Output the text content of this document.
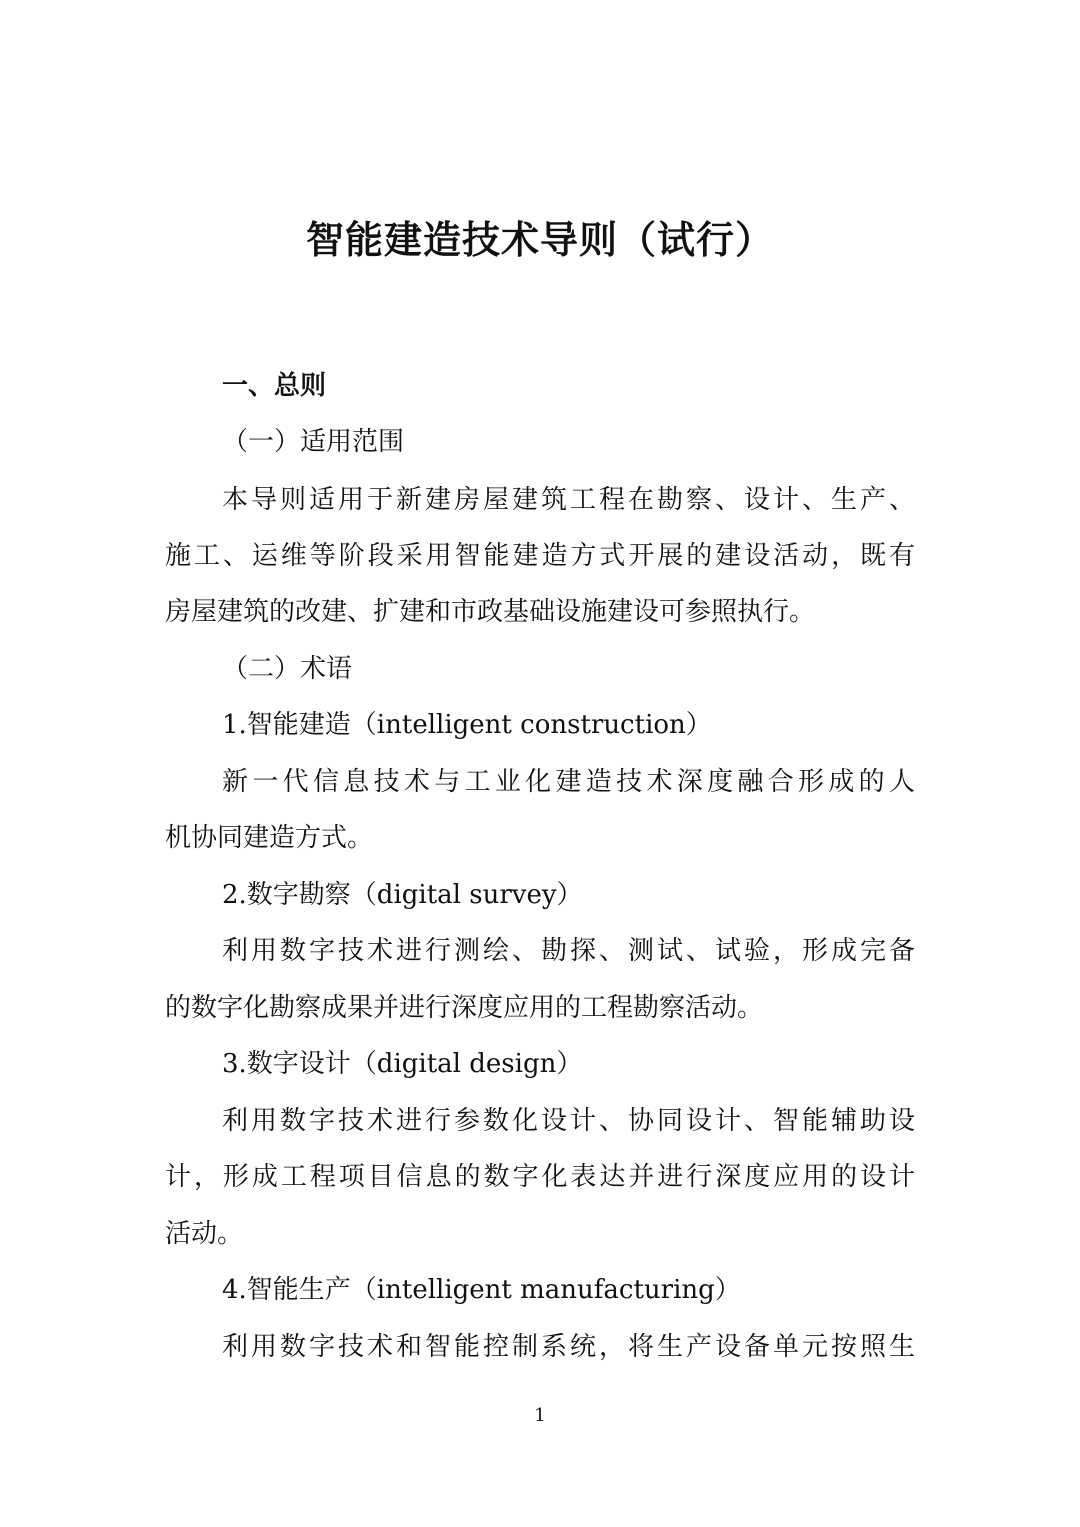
智能建造技术导则（试行）
一、总则
（一）适用范围
本导则适用于新建房屋建筑工程在勘察、设计、生产、
施工、运维等阶段采用智能建造方式开展的建设活动，既有
房屋建筑的改建、扩建和市政基础设施建设可参照执行。
（二）术语
1.智能建造（intelligent construction）
新一代信息技术与工业化建造技术深度融合形成的人
机协同建造方式。
2.数字勘察（digital survey）
利用数字技术进行测绘、勘探、测试、试验，形成完备
的数字化勘察成果并进行深度应用的工程勘察活动。
3.数字设计（digital design）
利用数字技术进行参数化设计、协同设计、智能辅助设
计，形成工程项目信息的数字化表达并进行深度应用的设计
活动。
4.智能生产（intelligent manufacturing）
利用数字技术和智能控制系统，将生产设备单元按照生
1
